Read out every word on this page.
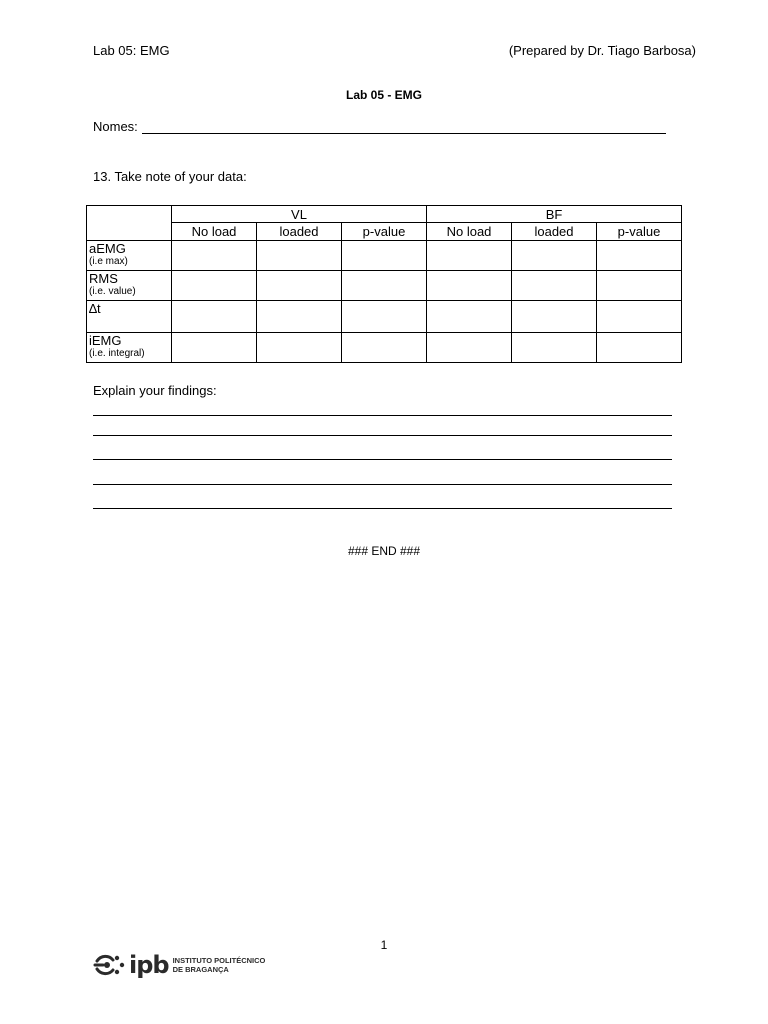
Lab 05: EMG	(Prepared by Dr. Tiago Barbosa)
Lab 05 - EMG
Nomes:
13. Take note of your data:
	VL			BF		
	No load	loaded	p-value	No load	loaded	p-value

aEMG
(i.e max)						

RMS
(i.e. value)						

∆t						

iEMG
(i.e. integral)						

Explain your findings:
### END ###
1
ipb INSTITUTO POLITÉCNICO
DE BRAGANÇA
